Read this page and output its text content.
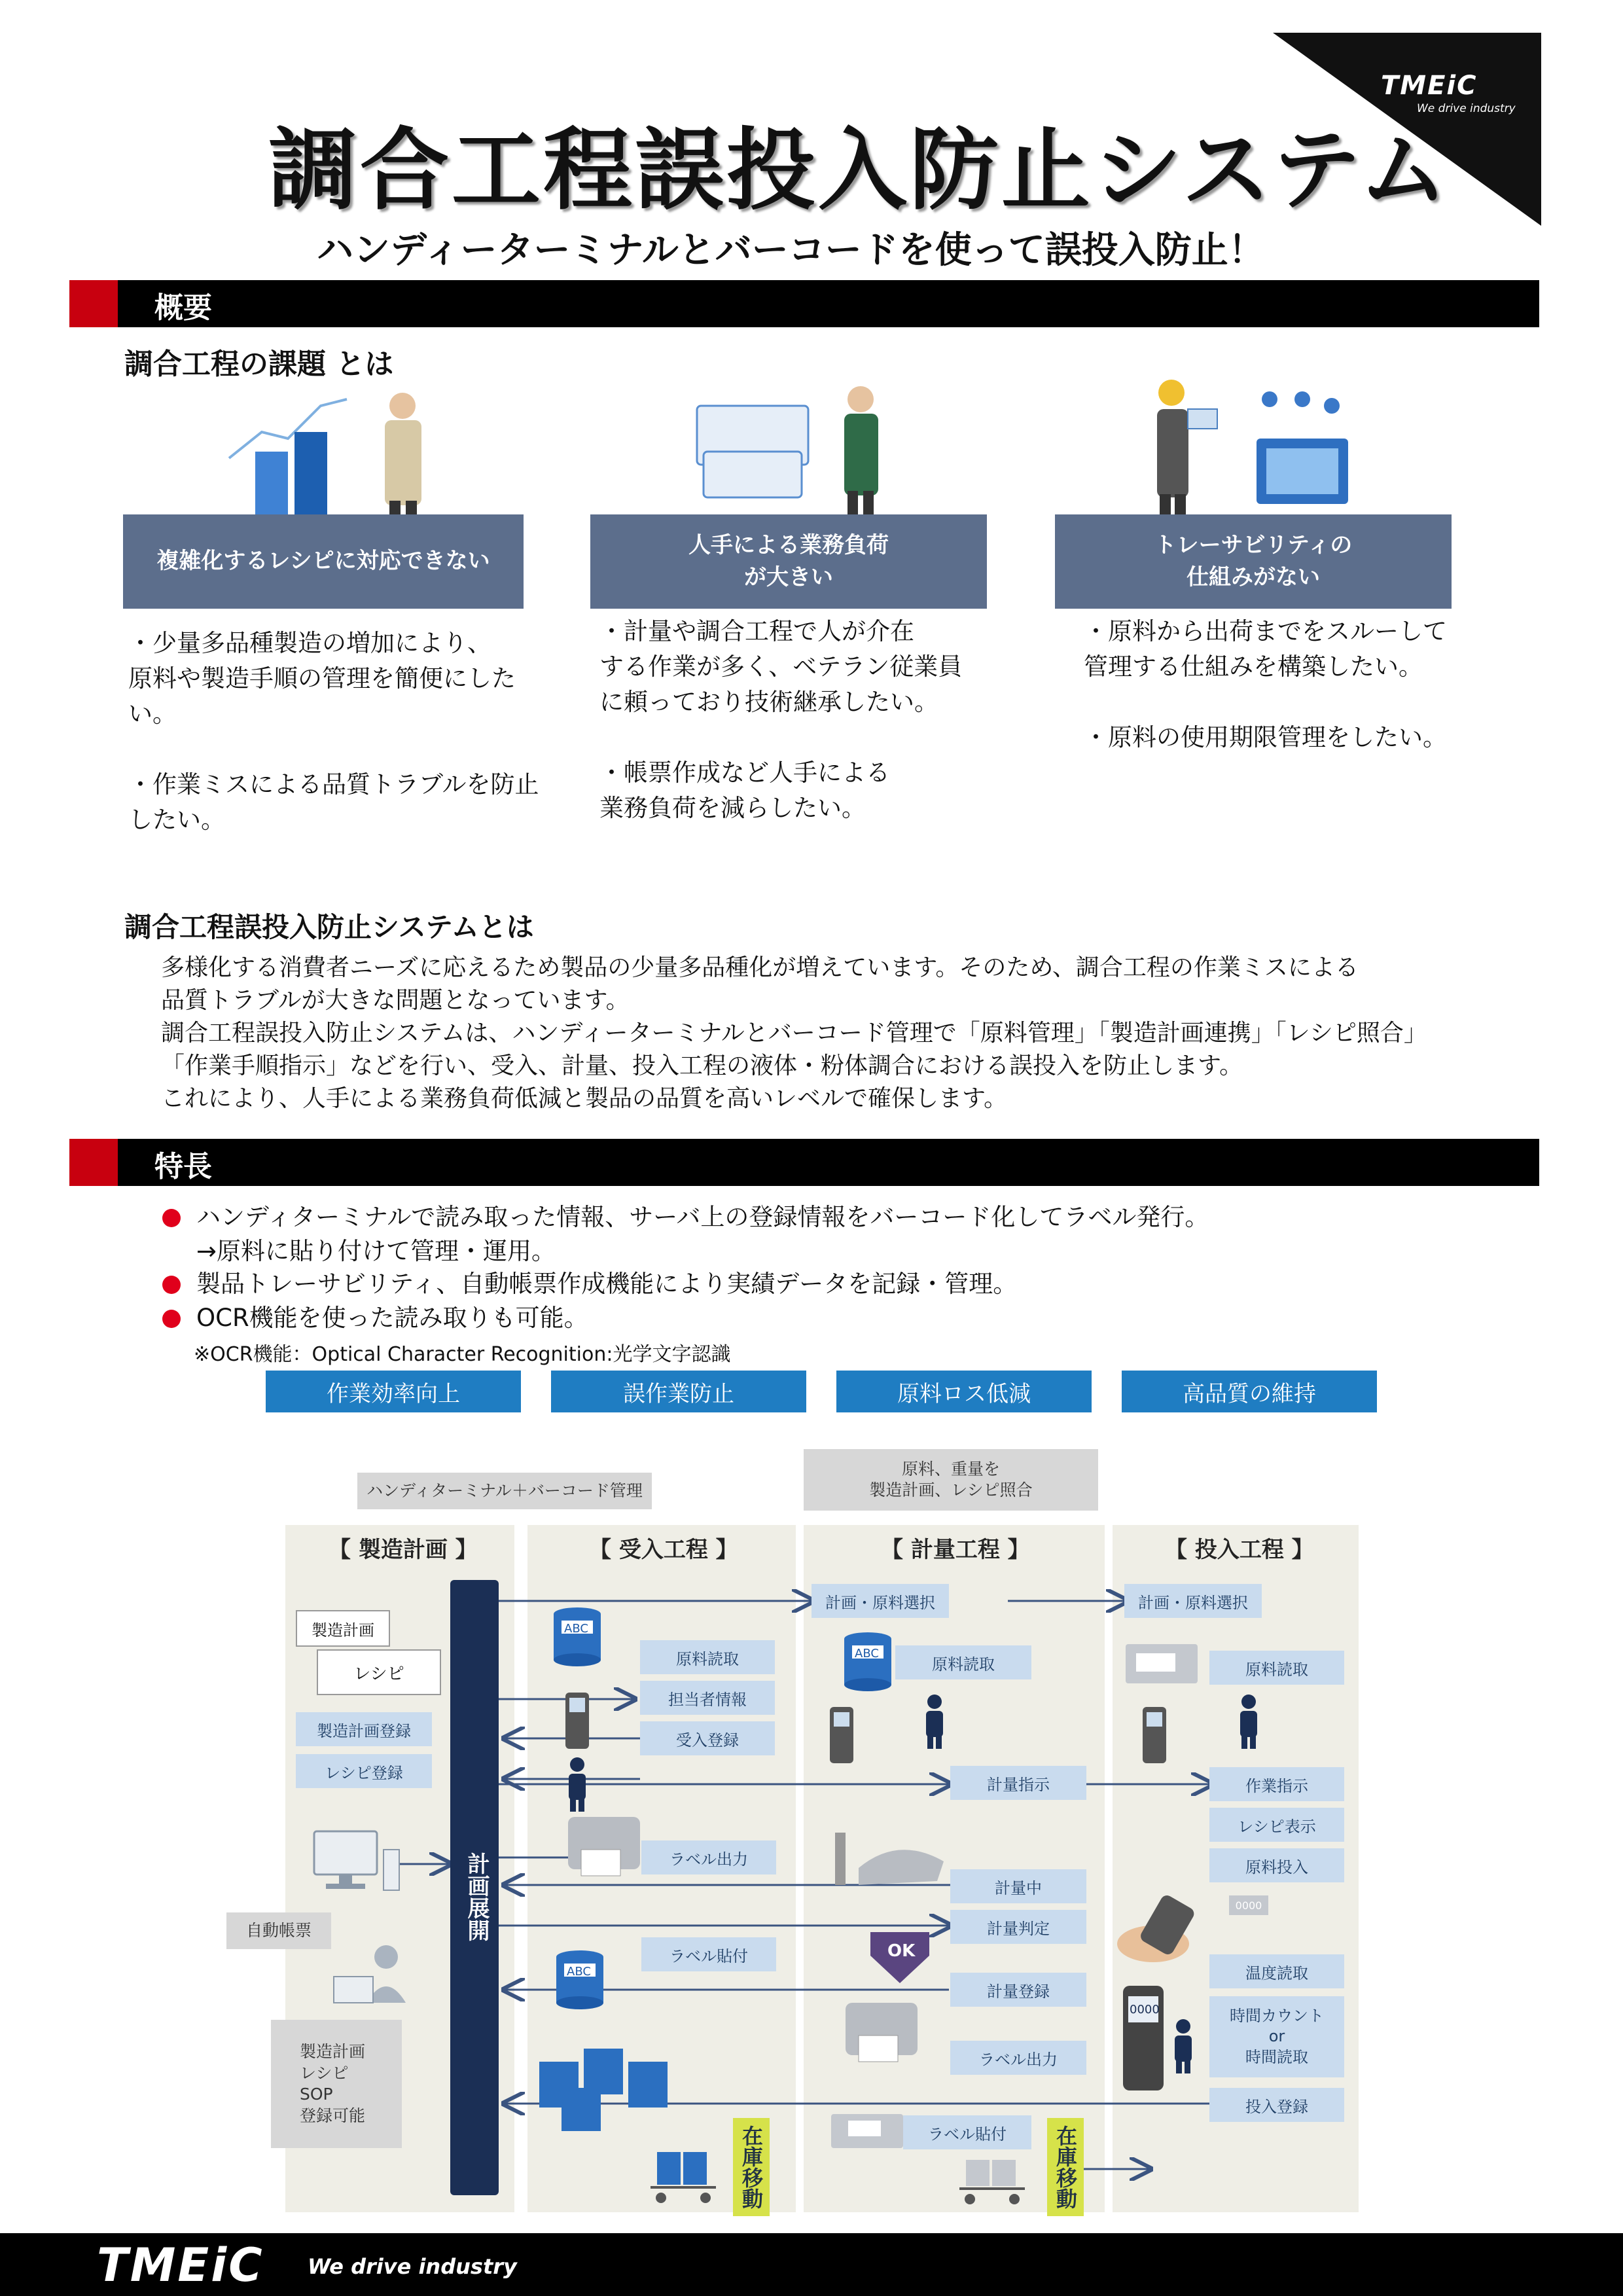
TMEiC
We drive industry
調合工程誤投入防止システム
ハンディーターミナルとバーコードを使って誤投入防止！
概要
調合工程の課題 とは
複雑化するレシピに対応できない
人手による業務負荷
が大きい
トレーサビリティの
仕組みがない
・少量多品種製造の増加により、
原料や製造手順の管理を簡便にした
い。

・作業ミスによる品質トラブルを防止
したい。
・計量や調合工程で人が介在
する作業が多く、ベテラン従業員
に頼っており技術継承したい。

・帳票作成など人手による
業務負荷を減らしたい。
・原料から出荷までをスルーして
管理する仕組みを構築したい。

・原料の使用期限管理をしたい。
調合工程誤投入防止システムとは
多様化する消費者ニーズに応えるため製品の少量多品種化が増えています。そのため、調合工程の作業ミスによる
品質トラブルが大きな問題となっています。
調合工程誤投入防止システムは、ハンディーターミナルとバーコード管理で「原料管理」「製造計画連携」「レシピ照合」
「作業手順指示」などを行い、受入、計量、投入工程の液体・粉体調合における誤投入を防止します。
これにより、人手による業務負荷低減と製品の品質を高いレベルで確保します。
特長
ハンディターミナルで読み取った情報、サーバ上の登録情報をバーコード化してラベル発行。
→原料に貼り付けて管理・運用。
製品トレーサビリティ、自動帳票作成機能により実績データを記録・管理。
OCR機能を使った読み取りも可能。
※OCR機能：Optical Character Recognition:光学文字認識
作業効率向上	誤作業防止	原料ロス低減	高品質の維持
ハンディターミナル＋バーコード管理
原料、重量を
製造計画、レシピ照合
【 製造計画 】	【 受入工程 】	【 計量工程 】	【 投入工程 】
計画展開
製造計画
レシピ
製造計画登録
レシピ登録
自動帳票
製造計画
レシピ
SOP
登録可能
ABC
原料読取
担当者情報
受入登録
ラベル出力
ラベル貼付
ABC
在庫移動
計画・原料選択
ABC
原料読取
計量指示
計量中
計量判定
OK
計量登録
ラベル出力
ラベル貼付	在庫移動
計画・原料選択
原料読取
作業指示
レシピ表示
原料投入
0000
温度読取
0000	時間カウント
or
時間読取
投入登録
TMEiC We drive industry
